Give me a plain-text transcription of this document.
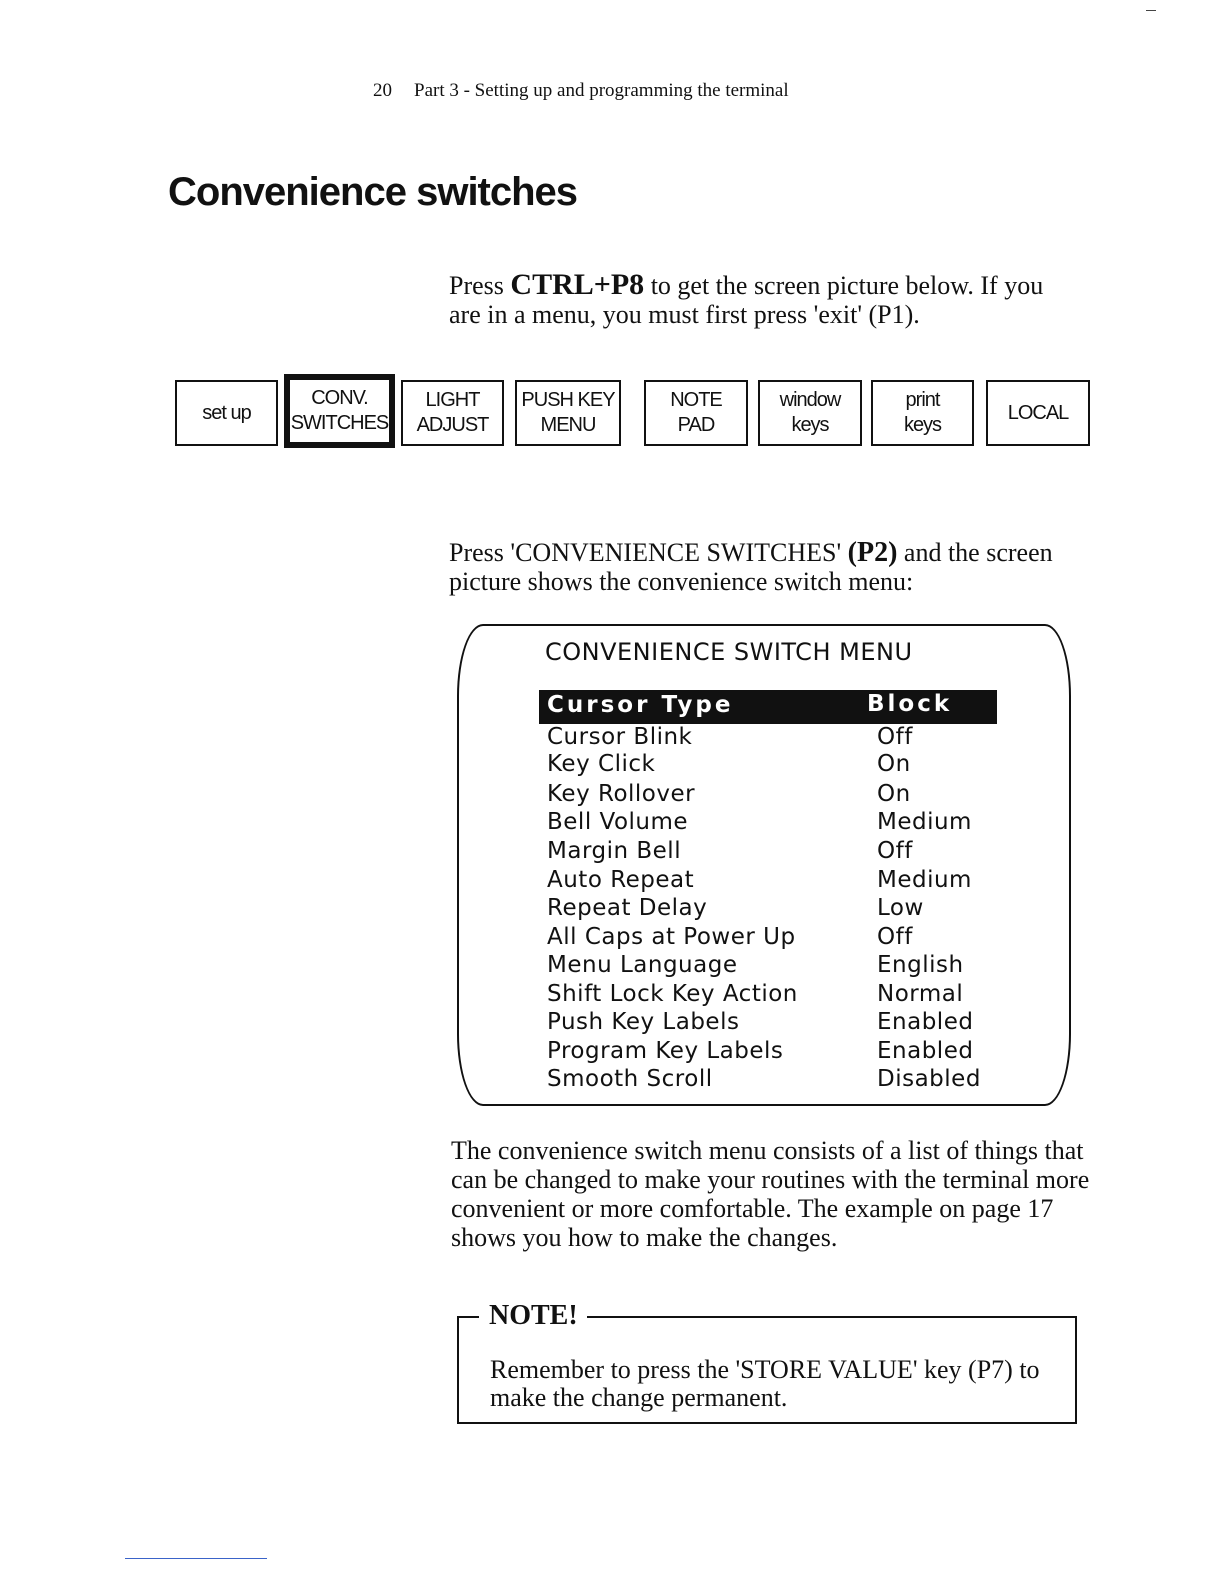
20 Part 3 - Setting up and programming the terminal
Convenience switches
Press CTRL+P8 to get the screen picture below. If you are in a menu, you must first press 'exit' (P1).
set up
CONV.
SWITCHES
LIGHT
ADJUST
PUSH KEY
MENU
NOTE
PAD
window
keys
print
keys
LOCAL
Press 'CONVENIENCE SWITCHES' (P2) and the screen picture shows the convenience switch menu:
CONVENIENCE SWITCH MENU
Cursor Type	Block
Cursor Blink	Off
Key Click	On
Key Rollover	On
Bell Volume	Medium
Margin Bell	Off
Auto Repeat	Medium
Repeat Delay	Low
All Caps at Power Up	Off
Menu Language	English
Shift Lock Key Action	Normal
Push Key Labels	Enabled
Program Key Labels	Enabled
Smooth Scroll	Disabled
The convenience switch menu consists of a list of things that can be changed to make your routines with the terminal more convenient or more comfortable. The example on page 17 shows you how to make the changes.
NOTE!
Remember to press the 'STORE VALUE' key (P7) to make the change permanent.
